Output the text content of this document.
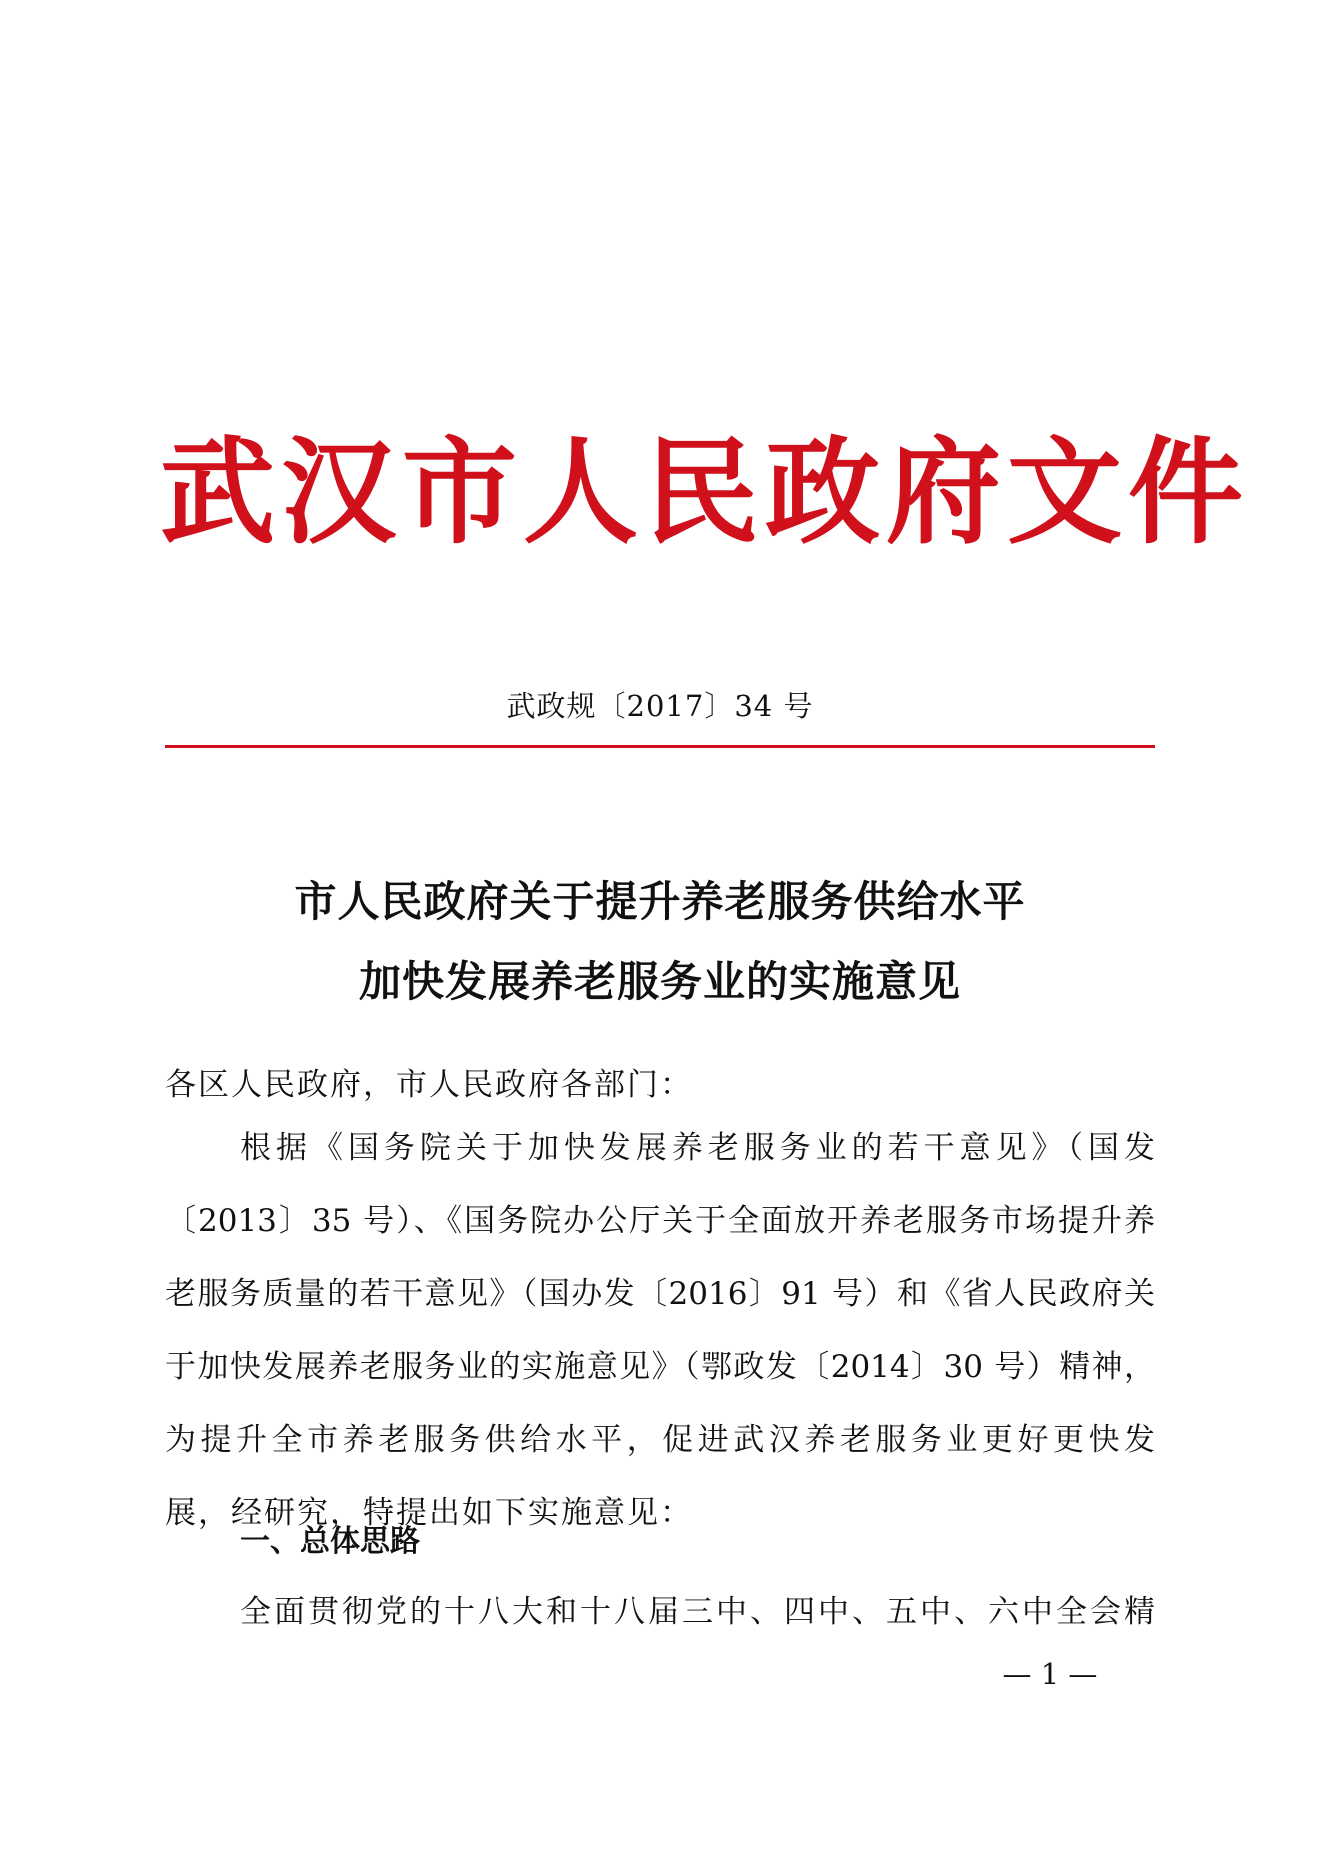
武汉市人民政府文件
武政规〔2017〕34 号
市人民政府关于提升养老服务供给水平
加快发展养老服务业的实施意见
各区人民政府，市人民政府各部门：
根据《国务院关于加快发展养老服务业的若干意见》（国发
〔2013〕35 号）、《国务院办公厅关于全面放开养老服务市场提升养
老服务质量的若干意见》（国办发〔2016〕91 号）和《省人民政府关
于加快发展养老服务业的实施意见》（鄂政发〔2014〕30 号）精神，
为提升全市养老服务供给水平，促进武汉养老服务业更好更快发
展，经研究，特提出如下实施意见：
一、总体思路
全面贯彻党的十八大和十八届三中、四中、五中、六中全会精
— 1 —
